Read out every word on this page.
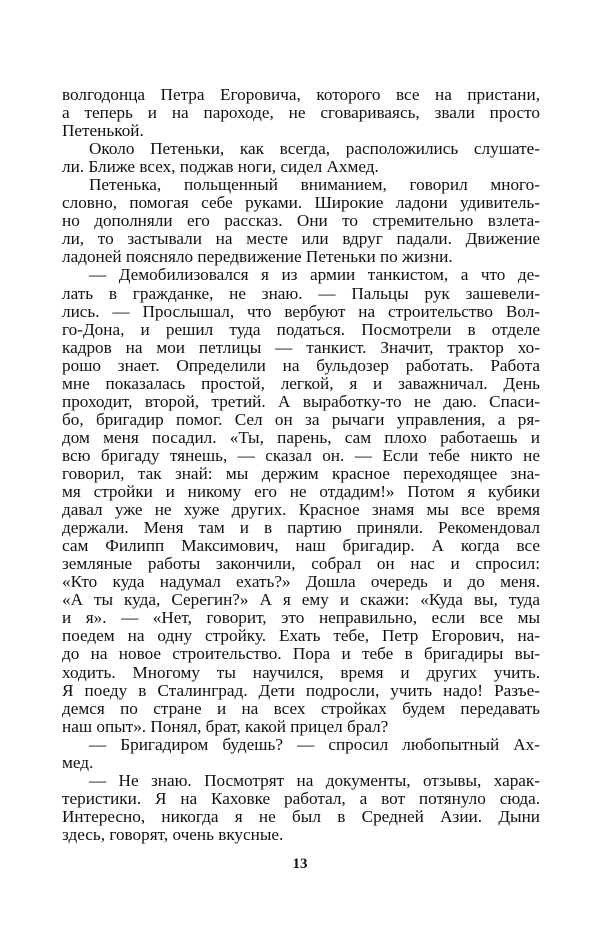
волгодонца Петра Егоровича, которого все на пристани,
а теперь и на пароходе, не сговариваясь, звали просто
Петенькой.
Около Петеньки, как всегда, расположились слушате-
ли. Ближе всех, поджав ноги, сидел Ахмед.
Петенька, польщенный вниманием, говорил много-
словно, помогая себе руками. Широкие ладони удивитель-
но дополняли его рассказ. Они то стремительно взлета-
ли, то застывали на месте или вдруг падали. Движение
ладоней поясняло передвижение Петеньки по жизни.
— Демобилизовался я из армии танкистом, а что де-
лать в гражданке, не знаю. — Пальцы рук зашевели-
лись. — Прослышал, что вербуют на строительство Вол-
го-Дона, и решил туда податься. Посмотрели в отделе
кадров на мои петлицы — танкист. Значит, трактор хо-
рошо знает. Определили на бульдозер работать. Работа
мне показалась простой, легкой, я и заважничал. День
проходит, второй, третий. А выработку-то не даю. Спаси-
бо, бригадир помог. Сел он за рычаги управления, а ря-
дом меня посадил. «Ты, парень, сам плохо работаешь и
всю бригаду тянешь, — сказал он. — Если тебе никто не
говорил, так знай: мы держим красное переходящее зна-
мя стройки и никому его не отдадим!» Потом я кубики
давал уже не хуже других. Красное знамя мы все время
держали. Меня там и в партию приняли. Рекомендовал
сам Филипп Максимович, наш бригадир. А когда все
земляные работы закончили, собрал он нас и спросил:
«Кто куда надумал ехать?» Дошла очередь и до меня.
«А ты куда, Серегин?» А я ему и скажи: «Куда вы, туда
и я». — «Нет, говорит, это неправильно, если все мы
поедем на одну стройку. Ехать тебе, Петр Егорович, на-
до на новое строительство. Пора и тебе в бригадиры вы-
ходить. Многому ты научился, время и других учить.
Я поеду в Сталинград. Дети подросли, учить надо! Разъе-
демся по стране и на всех стройках будем передавать
наш опыт». Понял, брат, какой прицел брал?
— Бригадиром будешь? — спросил любопытный Ах-
мед.
— Не знаю. Посмотрят на документы, отзывы, харак-
теристики. Я на Каховке работал, а вот потянуло сюда.
Интересно, никогда я не был в Средней Азии. Дыни
здесь, говорят, очень вкусные.
13
